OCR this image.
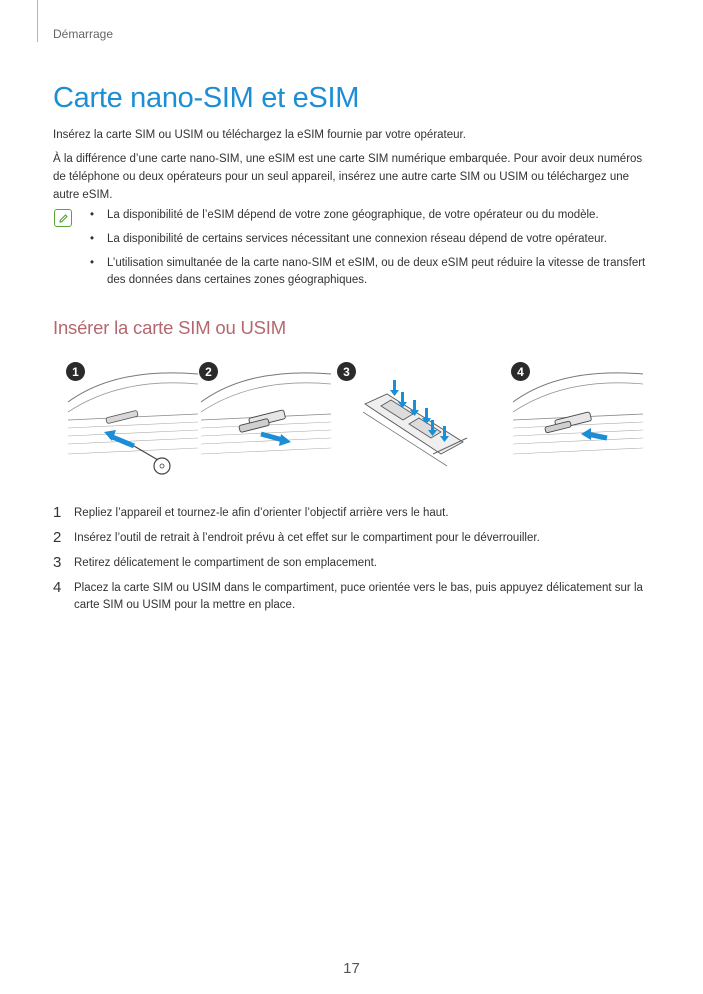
Démarrage
Carte nano-SIM et eSIM

Insérez la carte SIM ou USIM ou téléchargez la eSIM fournie par votre opérateur.

À la différence d’une carte nano-SIM, une eSIM est une carte SIM numérique embarquée. Pour avoir deux numéros de téléphone ou deux opérateurs pour un seul appareil, insérez une autre carte SIM ou USIM ou téléchargez une autre eSIM.

• La disponibilité de l’eSIM dépend de votre zone géographique, de votre opérateur ou du modèle.
• La disponibilité de certains services nécessitant une connexion réseau dépend de votre opérateur.
• L’utilisation simultanée de la carte nano-SIM et eSIM, ou de deux eSIM peut réduire la vitesse de transfert des données dans certaines zones géographiques.
Insérer la carte SIM ou USIM
1	2	3	4
1 Repliez l’appareil et tournez-le afin d’orienter l’objectif arrière vers le haut.
2 Insérez l’outil de retrait à l’endroit prévu à cet effet sur le compartiment pour le déverrouiller.
3 Retirez délicatement le compartiment de son emplacement.
4 Placez la carte SIM ou USIM dans le compartiment, puce orientée vers le bas, puis appuyez délicatement sur la carte SIM ou USIM pour la mettre en place.
17
